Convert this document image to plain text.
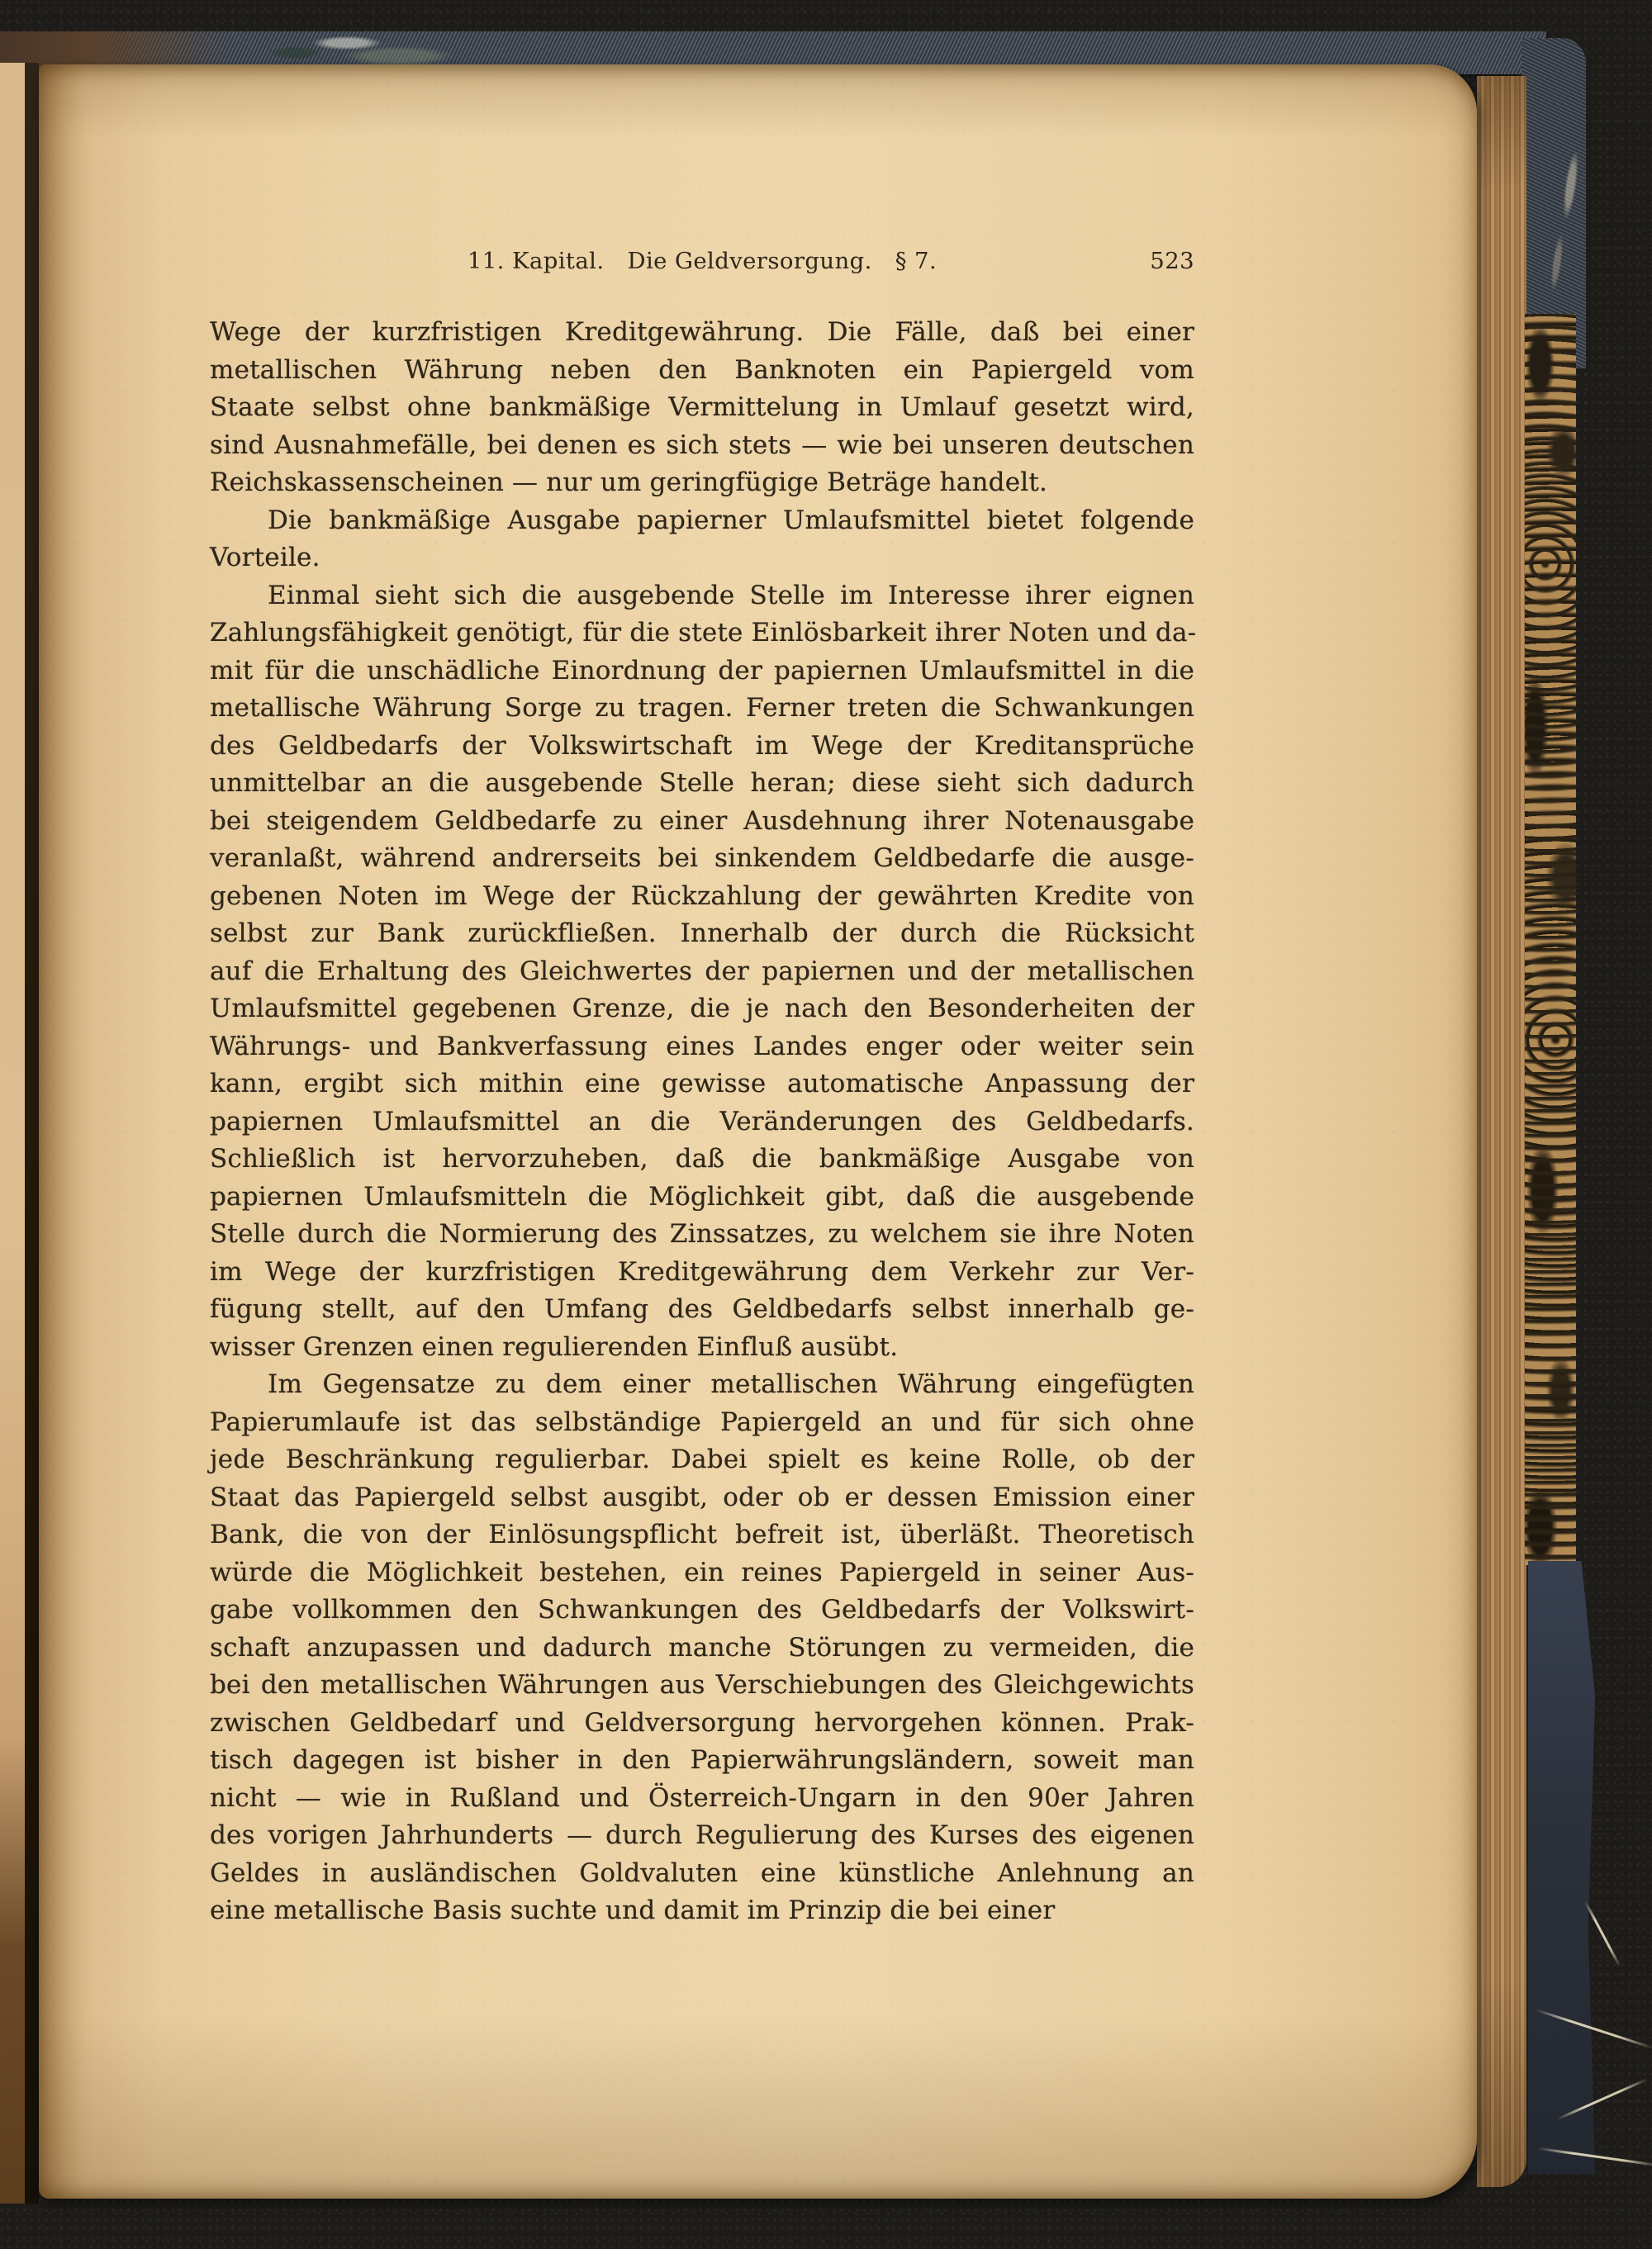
11. Kapital. Die Geldversorgung. § 7.	523
Wege der kurzfristigen Kreditgewährung. Die Fälle, daß bei einer
metallischen Währung neben den Banknoten ein Papiergeld vom
Staate selbst ohne bankmäßige Vermittelung in Umlauf gesetzt wird,
sind Ausnahmefälle, bei denen es sich stets — wie bei unseren deutschen
Reichskassenscheinen — nur um geringfügige Beträge handelt.
Die bankmäßige Ausgabe papierner Umlaufsmittel bietet folgende
Vorteile.
Einmal sieht sich die ausgebende Stelle im Interesse ihrer eignen
Zahlungsfähigkeit genötigt, für die stete Einlösbarkeit ihrer Noten und da-
mit für die unschädliche Einordnung der papiernen Umlaufsmittel in die
metallische Währung Sorge zu tragen. Ferner treten die Schwankungen
des Geldbedarfs der Volkswirtschaft im Wege der Kreditansprüche
unmittelbar an die ausgebende Stelle heran; diese sieht sich dadurch
bei steigendem Geldbedarfe zu einer Ausdehnung ihrer Notenausgabe
veranlaßt, während andrerseits bei sinkendem Geldbedarfe die ausge-
gebenen Noten im Wege der Rückzahlung der gewährten Kredite von
selbst zur Bank zurückfließen. Innerhalb der durch die Rücksicht
auf die Erhaltung des Gleichwertes der papiernen und der metallischen
Umlaufsmittel gegebenen Grenze, die je nach den Besonderheiten der
Währungs- und Bankverfassung eines Landes enger oder weiter sein
kann, ergibt sich mithin eine gewisse automatische Anpassung der
papiernen Umlaufsmittel an die Veränderungen des Geldbedarfs.
Schließlich ist hervorzuheben, daß die bankmäßige Ausgabe von
papiernen Umlaufsmitteln die Möglichkeit gibt, daß die ausgebende
Stelle durch die Normierung des Zinssatzes, zu welchem sie ihre Noten
im Wege der kurzfristigen Kreditgewährung dem Verkehr zur Ver-
fügung stellt, auf den Umfang des Geldbedarfs selbst innerhalb ge-
wisser Grenzen einen regulierenden Einfluß ausübt.
Im Gegensatze zu dem einer metallischen Währung eingefügten
Papierumlaufe ist das selbständige Papiergeld an und für sich ohne
jede Beschränkung regulierbar. Dabei spielt es keine Rolle, ob der
Staat das Papiergeld selbst ausgibt, oder ob er dessen Emission einer
Bank, die von der Einlösungspflicht befreit ist, überläßt. Theoretisch
würde die Möglichkeit bestehen, ein reines Papiergeld in seiner Aus-
gabe vollkommen den Schwankungen des Geldbedarfs der Volkswirt-
schaft anzupassen und dadurch manche Störungen zu vermeiden, die
bei den metallischen Währungen aus Verschiebungen des Gleichgewichts
zwischen Geldbedarf und Geldversorgung hervorgehen können. Prak-
tisch dagegen ist bisher in den Papierwährungsländern, soweit man
nicht — wie in Rußland und Österreich-Ungarn in den 90er Jahren
des vorigen Jahrhunderts — durch Regulierung des Kurses des eigenen
Geldes in ausländischen Goldvaluten eine künstliche Anlehnung an
eine metallische Basis suchte und damit im Prinzip die bei einer
